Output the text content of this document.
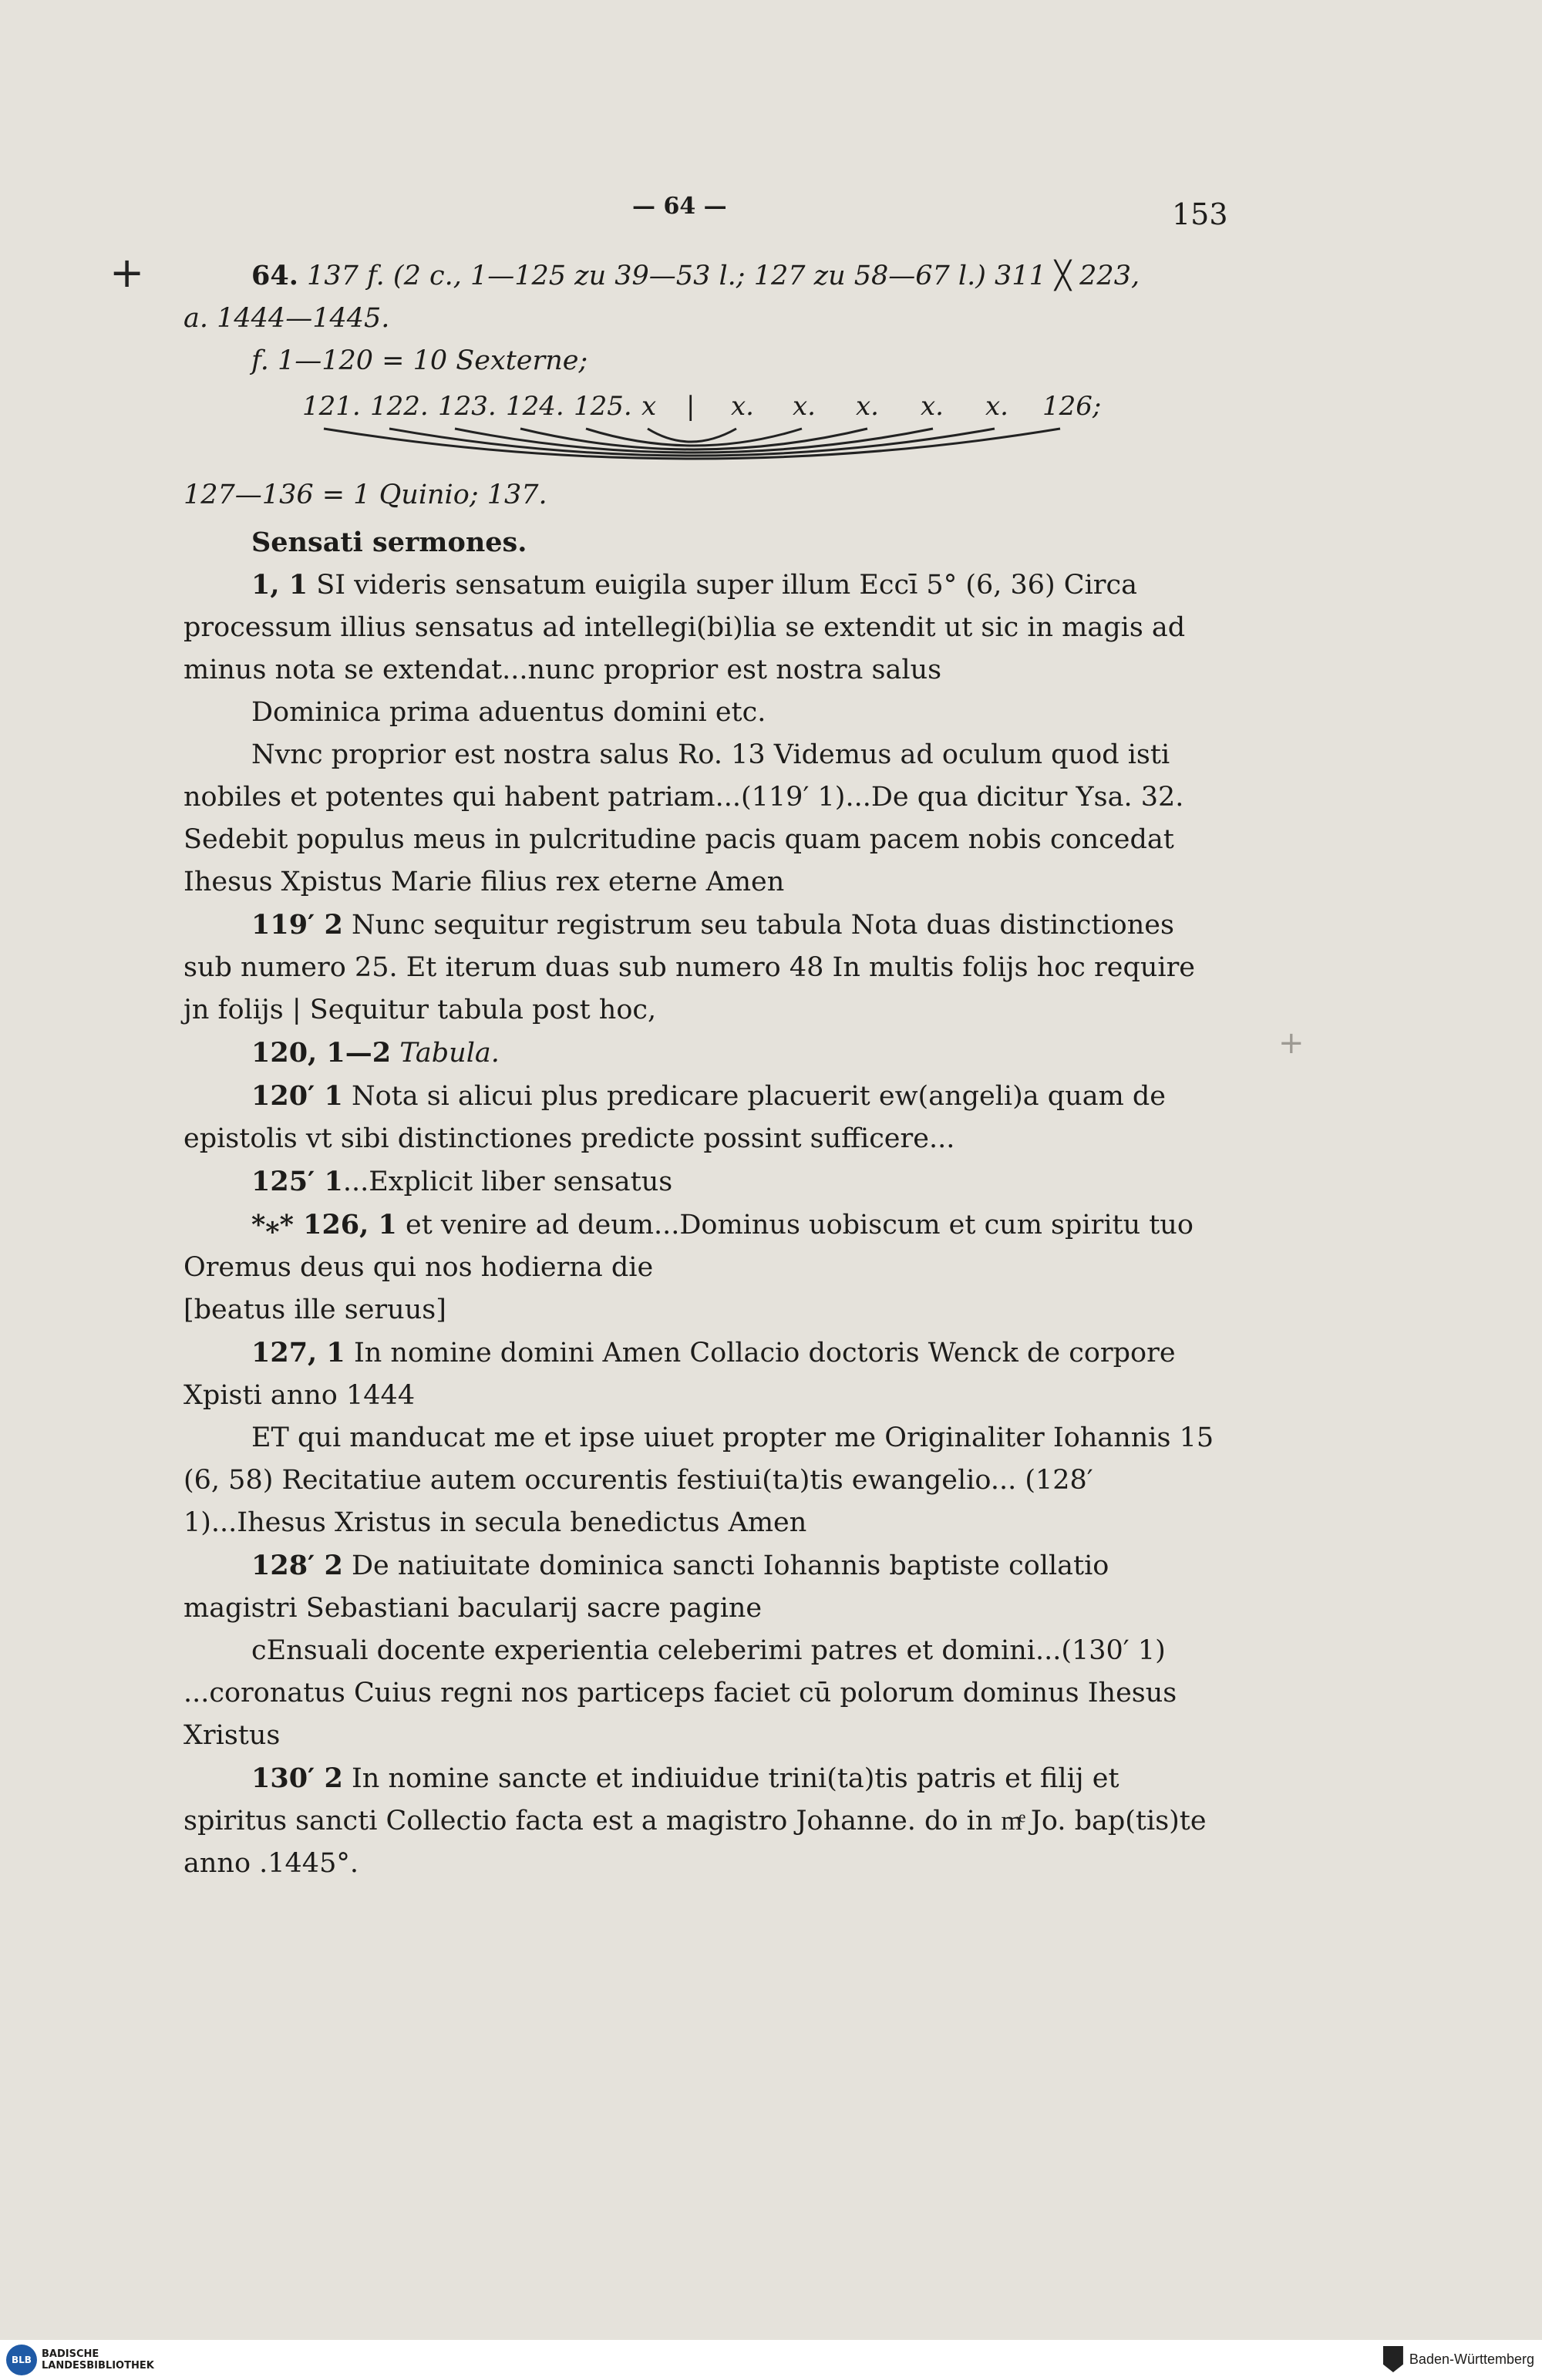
+
+
— 64 —	153

64. 137 f. (2 c., 1—125 zu 39—53 l.; 127 zu 58—67 l.) 311 ╳ 223,

a. 1444—1445.

f. 1—120 = 10 Sexterne;

121. 122. 123. 124. 125. x | x. x. x. x. x. 126;
127—136 = 1 Quinio; 137.

Sensati sermones.

1, 1 SI videris sensatum euigila super illum Eccī 5° (6, 36) Circa processum illius sensatus ad intellegi(bi)lia se extendit ut sic in magis ad minus nota se extendat...nunc proprior est nostra salus

Dominica prima aduentus domini etc.

Nvnc proprior est nostra salus Ro. 13 Videmus ad oculum quod isti nobiles et potentes qui habent patriam...(119′ 1)...De qua dicitur Ysa. 32. Sedebit populus meus in pulcritudine pacis quam pacem nobis concedat Ihesus Xpistus Marie filius rex eterne Amen

119′ 2 Nunc sequitur registrum seu tabula Nota duas distinctiones sub numero 25. Et iterum duas sub numero 48 In multis folijs hoc require jn folijs | Sequitur tabula post hoc,

120, 1—2 Tabula.

120′ 1 Nota si alicui plus predicare placuerit ew(angeli)a quam de epistolis vt sibi distinctiones predicte possint sufficere...

125′ 1...Explicit liber sensatus

*⁎* 126, 1 et venire ad deum...Dominus uobiscum et cum spiritu tuo Oremus deus qui nos hodierna die

[beatus ille seruus]

127, 1 In nomine domini Amen Collacio doctoris Wenck de corpore Xpisti anno 1444

ET qui manducat me et ipse uiuet propter me Originaliter Iohannis 15 (6, 58) Recitatiue autem occurentis festiui(ta)tis ewangelio... (128′ 1)...Ihesus Xristus in secula benedictus Amen

128′ 2 De natiuitate dominica sancti Iohannis baptiste collatio magistri Sebastiani bacularij sacre pagine

cEnsuali docente experientia celeberimi patres et domini...(130′ 1) ...coronatus Cuius regni nos particeps faciet cū polorum dominus Ihesus Xristus

130′ 2 In nomine sancte et indiuidue trini(ta)tis patris et filij et spiritus sancti Collectio facta est a magistro Johanne. do in mͤ Jo. bap(tis)te anno .1445°.

BLB	BADISCHE
LANDESBIBLIOTHEK	Baden-Württemberg
